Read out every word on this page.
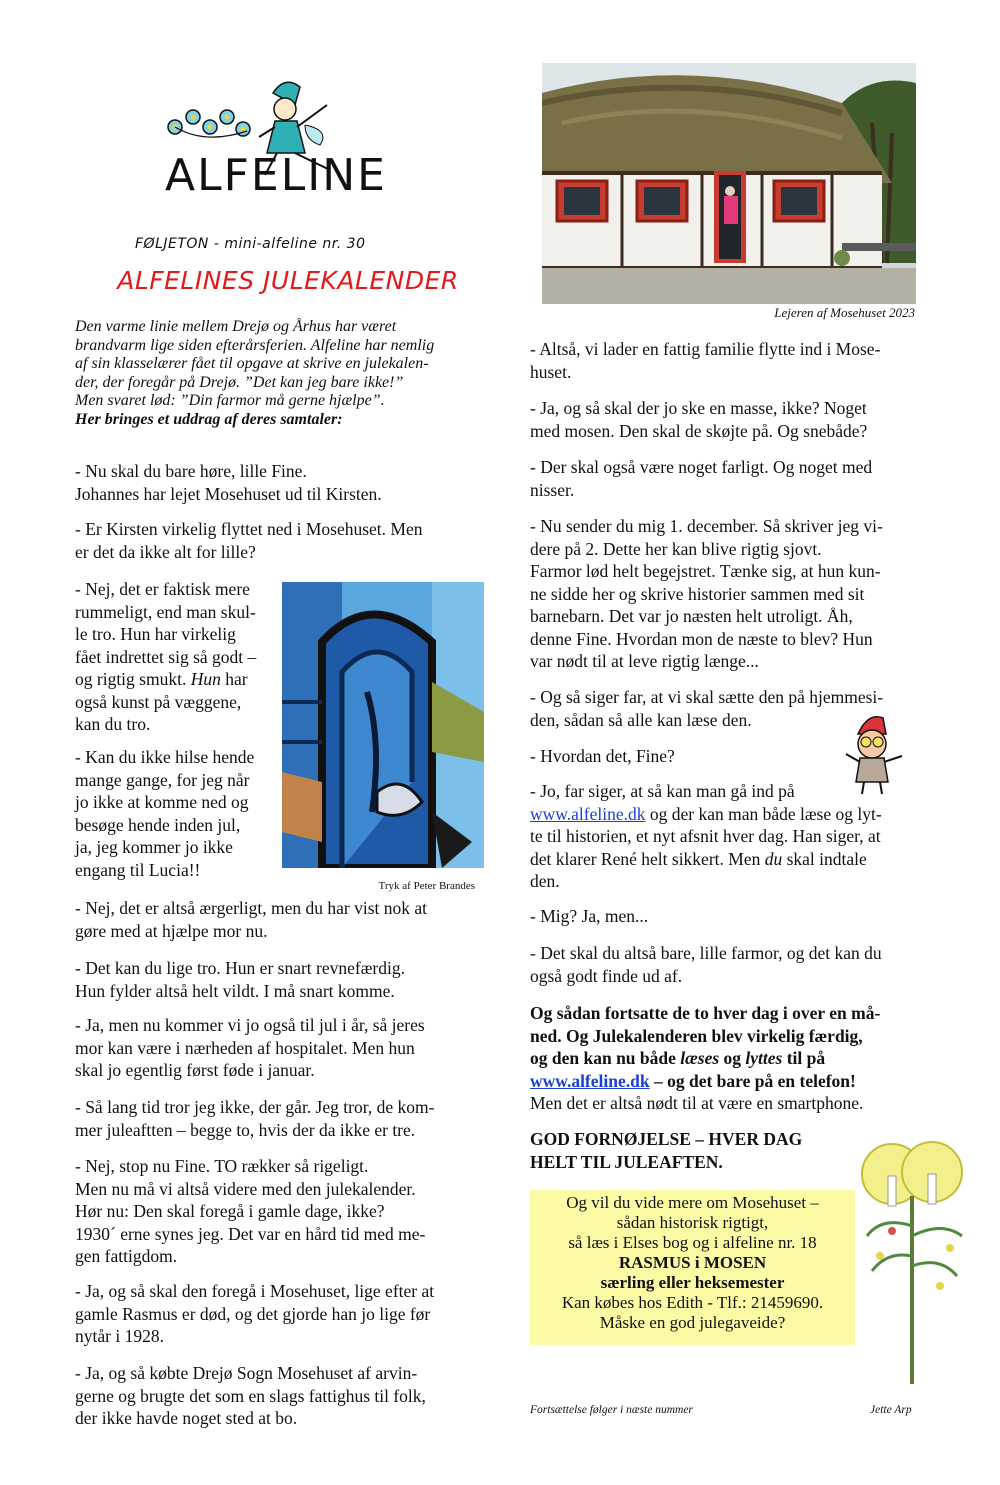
ALFELINE
FØLJETON - mini-alfeline nr. 30
ALFELINES JULEKALENDER
Den varme linie mellem Drejø og Århus har været
brandvarm lige siden efterårsferien. Alfeline har nemlig
af sin klasselærer fået til opgave at skrive en julekalen-
der, der foregår på Drejø. ”Det kan jeg bare ikke!”
Men svaret lød: ”Din farmor må gerne hjælpe”.
Her bringes et uddrag af deres samtaler:
- Nu skal du bare høre, lille Fine.
Johannes har lejet Mosehuset ud til Kirsten.
- Er Kirsten virkelig flyttet ned i Mosehuset. Men
er det da ikke alt for lille?
- Nej, det er faktisk mere
rummeligt, end man skul-
le tro. Hun har virkelig
fået indrettet sig så godt –
og rigtig smukt. Hun har
også kunst på væggene,
kan du tro.
- Kan du ikke hilse hende
mange gange, for jeg når
jo ikke at komme ned og
besøge hende inden jul,
ja, jeg kommer jo ikke
engang til Lucia!!
Tryk af Peter Brandes
- Nej, det er altså ærgerligt, men du har vist nok at
gøre med at hjælpe mor nu.
- Det kan du lige tro. Hun er snart revnefærdig.
Hun fylder altså helt vildt. I må snart komme.
- Ja, men nu kommer vi jo også til jul i år, så jeres
mor kan være i nærheden af hospitalet. Men hun
skal jo egentlig først føde i januar.
- Så lang tid tror jeg ikke, der går. Jeg tror, de kom-
mer juleaftten – begge to, hvis der da ikke er tre.
- Nej, stop nu Fine. TO rækker så rigeligt.
Men nu må vi altså videre med den julekalender.
Hør nu: Den skal foregå i gamle dage, ikke?
1930´ erne synes jeg. Det var en hård tid med me-
gen fattigdom.
- Ja, og så skal den foregå i Mosehuset, lige efter at
gamle Rasmus er død, og det gjorde han jo lige før
nytår i 1928.
- Ja, og så købte Drejø Sogn Mosehuset af arvin-
gerne og brugte det som en slags fattighus til folk,
der ikke havde noget sted at bo.
Lejeren af Mosehuset 2023
- Altså, vi lader en fattig familie flytte ind i Mose-
huset.
- Ja, og så skal der jo ske en masse, ikke? Noget
med mosen. Den skal de skøjte på. Og snebåde?
- Der skal også være noget farligt. Og noget med
nisser.
- Nu sender du mig 1. december. Så skriver jeg vi-
dere på 2. Dette her kan blive rigtig sjovt.
Farmor lød helt begejstret. Tænke sig, at hun kun-
ne sidde her og skrive historier sammen med sit
barnebarn. Det var jo næsten helt utroligt. Åh,
denne Fine. Hvordan mon de næste to blev? Hun
var nødt til at leve rigtig længe...
- Og så siger far, at vi skal sætte den på hjemmesi-
den, sådan så alle kan læse den.
- Hvordan det, Fine?
- Jo, far siger, at så kan man gå ind på
www.alfeline.dk og der kan man både læse og lyt-
te til historien, et nyt afsnit hver dag. Han siger, at
det klarer René helt sikkert. Men du skal indtale
den.
- Mig? Ja, men...
- Det skal du altså bare, lille farmor, og det kan du
også godt finde ud af.
Og sådan fortsatte de to hver dag i over en må-
ned. Og Julekalenderen blev virkelig færdig,
og den kan nu både læses og lyttes til på
www.alfeline.dk – og det bare på en telefon!
Men det er altså nødt til at være en smartphone.
GOD FORNØJELSE – HVER DAG
HELT TIL JULEAFTEN.
Og vil du vide mere om Mosehuset –
sådan historisk rigtigt,
så læs i Elses bog og i alfeline nr. 18
RASMUS i MOSEN
særling eller heksemester
Kan købes hos Edith - Tlf.: 21459690.
Måske en god julegaveide?
Fortsættelse følger i næste nummer	Jette Arp
